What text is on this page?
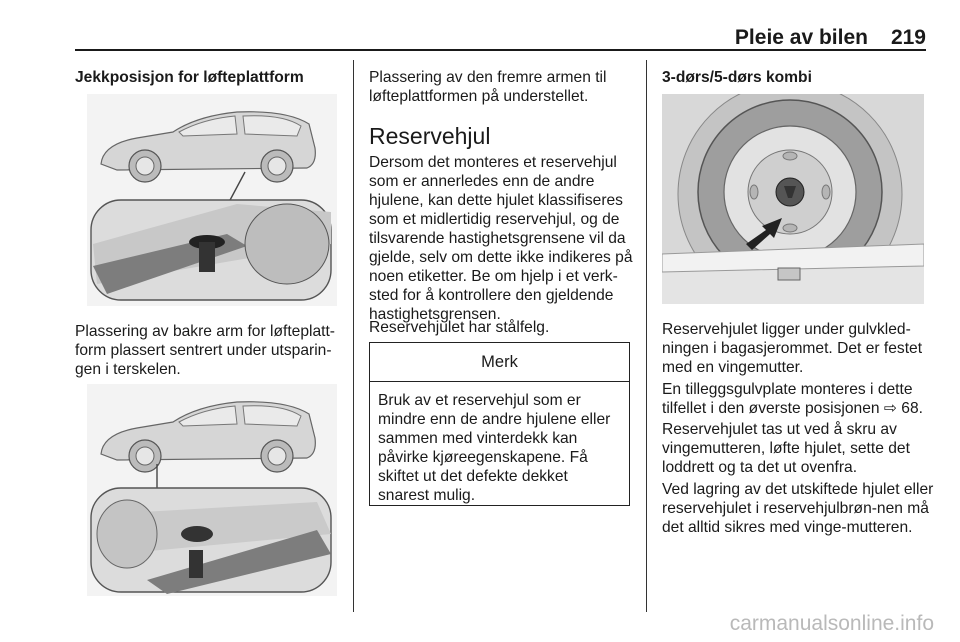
Pleie av bilen 219
Jekkposisjon for løfteplattform
Plassering av bakre arm for løfteplatt-form plassert sentrert under utsparin-gen i terskelen.
Plassering av den fremre armen til løfteplattformen på understellet.
Reservehjul
Dersom det monteres et reservehjul som er annerledes enn de andre hjulene, kan dette hjulet klassifiseres som et midlertidig reservehjul, og de tilsvarende hastighetsgrensene vil da gjelde, selv om dette ikke indikeres på noen etiketter. Be om hjelp i et verk-sted for å kontrollere den gjeldende hastighetsgrensen.
Reservehjulet har stålfelg.
Merk
Bruk av et reservehjul som er mindre enn de andre hjulene eller sammen med vinterdekk kan påvirke kjøreegenskapene. Få skiftet ut det defekte dekket snarest mulig.
3-dørs/5-dørs kombi
Reservehjulet ligger under gulvkled-ningen i bagasjerommet. Det er festet med en vingemutter.
En tilleggsgulvplate monteres i dette tilfellet i den øverste posisjonen ⇨ 68.
Reservehjulet tas ut ved å skru av vingemutteren, løfte hjulet, sette det loddrett og ta det ut ovenfra.
Ved lagring av det utskiftede hjulet eller reservehjulet i reservehjulbrøn-nen må det alltid sikres med vinge-mutteren.
carmanualsonline.info
